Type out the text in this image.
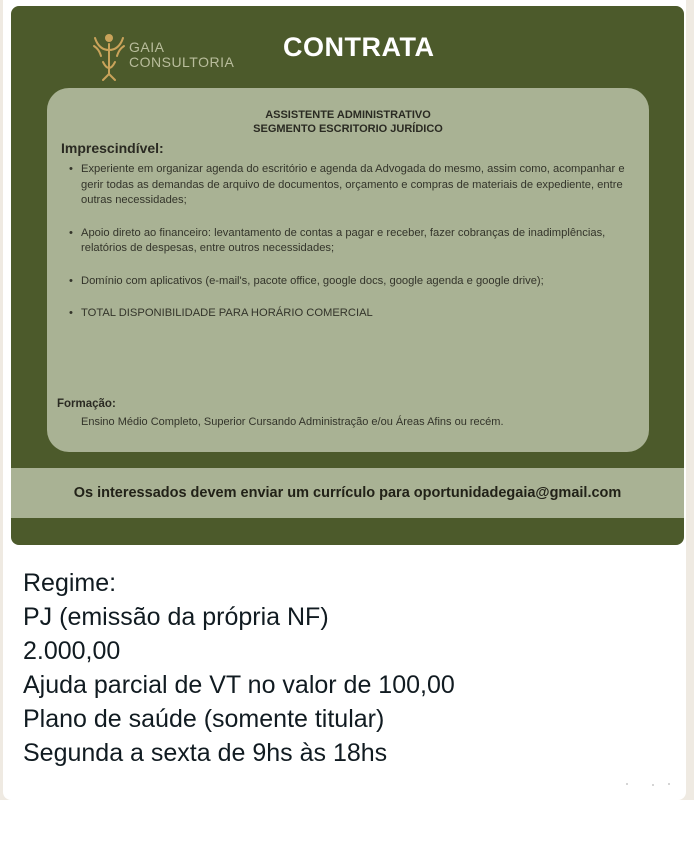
GAIA
CONSULTORIA CONTRATA
ASSISTENTE ADMINISTRATIVO
SEGMENTO ESCRITORIO JURÍDICO
Imprescindível:
• Experiente em organizar agenda do escritório e agenda da Advogada do mesmo, assim como, acompanhar e gerir todas as demandas de arquivo de documentos, orçamento e compras de materiais de expediente, entre outras necessidades;
• Apoio direto ao financeiro: levantamento de contas a pagar e receber, fazer cobranças de inadimplências, relatórios de despesas, entre outros necessidades;
• Domínio com aplicativos (e-mail's, pacote office, google docs, google agenda e google drive);
• TOTAL DISPONIBILIDADE PARA HORÁRIO COMERCIAL
Formação:
Ensino Médio Completo, Superior Cursando Administração e/ou Áreas Afins ou recém.
Os interessados devem enviar um currículo para oportunidadegaia@gmail.com
Regime:
PJ (emissão da própria NF)
2.000,00
Ajuda parcial de VT no valor de 100,00
Plano de saúde (somente titular)
Segunda a sexta de 9hs às 18hs
